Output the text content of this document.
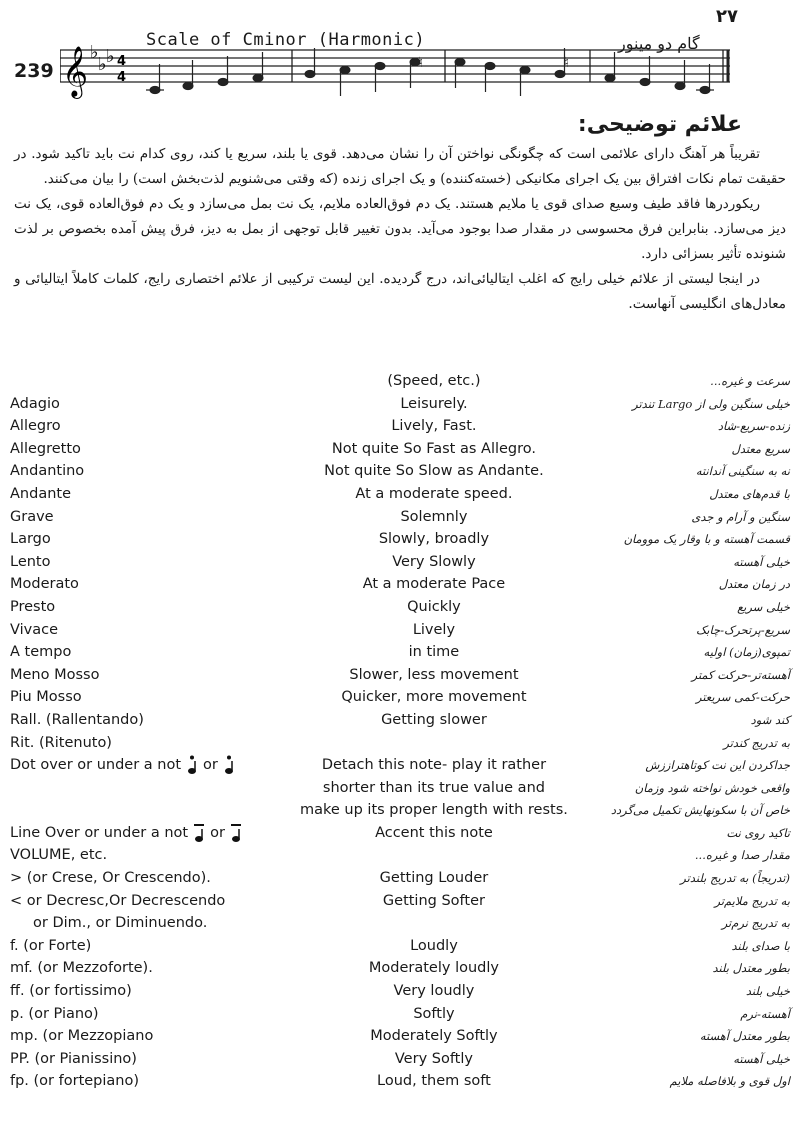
۲۷
Scale of Cminor (Harmonic)	گام دو مینور
239 𝄞 ♭
♭ ♭ 4
4
♮	♮
علائم توضیحی:

تقریباً هر آهنگ دارای علائمی است که چگونگی نواختن آن را نشان می‌دهد. قوی یا بلند، سریع یا کند، روی کدام نت باید تاکید شود. در حقیقت تمام نکات افتراق بین یک اجرای مکانیکی (خسته‌کننده) و یک اجرای زنده (که وقتی می‌شنویم لذت‌بخش است) را بیان می‌کنند.

ریکوردرها فاقد طیف وسیع صدای قوی یا ملایم هستند. یک دم فوق‌العاده ملایم، یک نت بمل می‌سازد و یک دم فوق‌العاده قوی، یک نت دیز می‌سازد. بنابراین فرق محسوسی در مقدار صدا بوجود می‌آید. بدون تغییر قابل توجهی از بمل به دیز، فرق پیش آمده بخصوص بر لذت شنونده تأثیر بسزائی دارد.

در اینجا لیستی از علائم خیلی رایج که اغلب ایتالیائی‌اند، درج گردیده. این لیست ترکیبی از علائم اختصاری رایج، کلمات کاملاً ایتالیائی و معادل‌های انگلیسی آنهاست.

	(Speed, etc.)	سرعت و غیره...
Adagio	Leisurely.	خیلی سنگین ولی از Largo تندتر
Allegro	Lively, Fast.	زنده-سریع-شاد
Allegretto	Not quite So Fast as Allegro.	سریع معتدل
Andantino	Not quite So Slow as Andante.	نه به سنگینی آندانته
Andante	At a moderate speed.	با قدم‌های معتدل
Grave	Solemnly	سنگین و آرام و جدی
Largo	Slowly, broadly	قسمت آهسته و با وقار یک موومان
Lento	Very Slowly	خیلی آهسته
Moderato	At a moderate Pace	در زمان معتدل
Presto	Quickly	خیلی سریع
Vivace	Lively	سریع-پرتحرک-چابک
A tempo	in time	تمپوی(زمان) اولیه
Meno Mosso	Slower, less movement	آهسته‌تر-حرکت کمتر
Piu Mosso	Quicker, more movement	حرکت-کمی سریعتر
Rall. (Rallentando)	Getting slower	کند شود
Rit. (Ritenuto)		به تدریج کندتر
Dot over or under a not or	Detach this note- play it rather	جداکردن این نت کوتاهتراززش
	shorter than its true value and	واقعی خودش نواخته شود وزمان
	make up its proper length with rests.	خاص آن با سکونهایش تکمیل می‌گردد
Line Over or under a not or	Accent this note	تاکید روی نت
VOLUME, etc.		مقدار صدا و غیره...
> (or Crese, Or Crescendo).	Getting Louder	(تدریجاً) به تدریج بلندتر
< or Decresc,Or Decrescendo	Getting Softer	به تدریج ملایم‌تر
or Dim., or Diminuendo.		به تدریج نرم‌تر
f. (or Forte)	Loudly	با صدای بلند
mf. (or Mezzoforte).	Moderately loudly	بطور معتدل بلند
ff. (or fortissimo)	Very loudly	خیلی بلند
p. (or Piano)	Softly	آهسته-نرم
mp. (or Mezzopiano	Moderately Softly	بطور معتدل آهسته
PP. (or Pianissino)	Very Softly	خیلی آهسته
fp. (or fortepiano)	Loud, them soft	اول قوی و بلافاصله ملایم
